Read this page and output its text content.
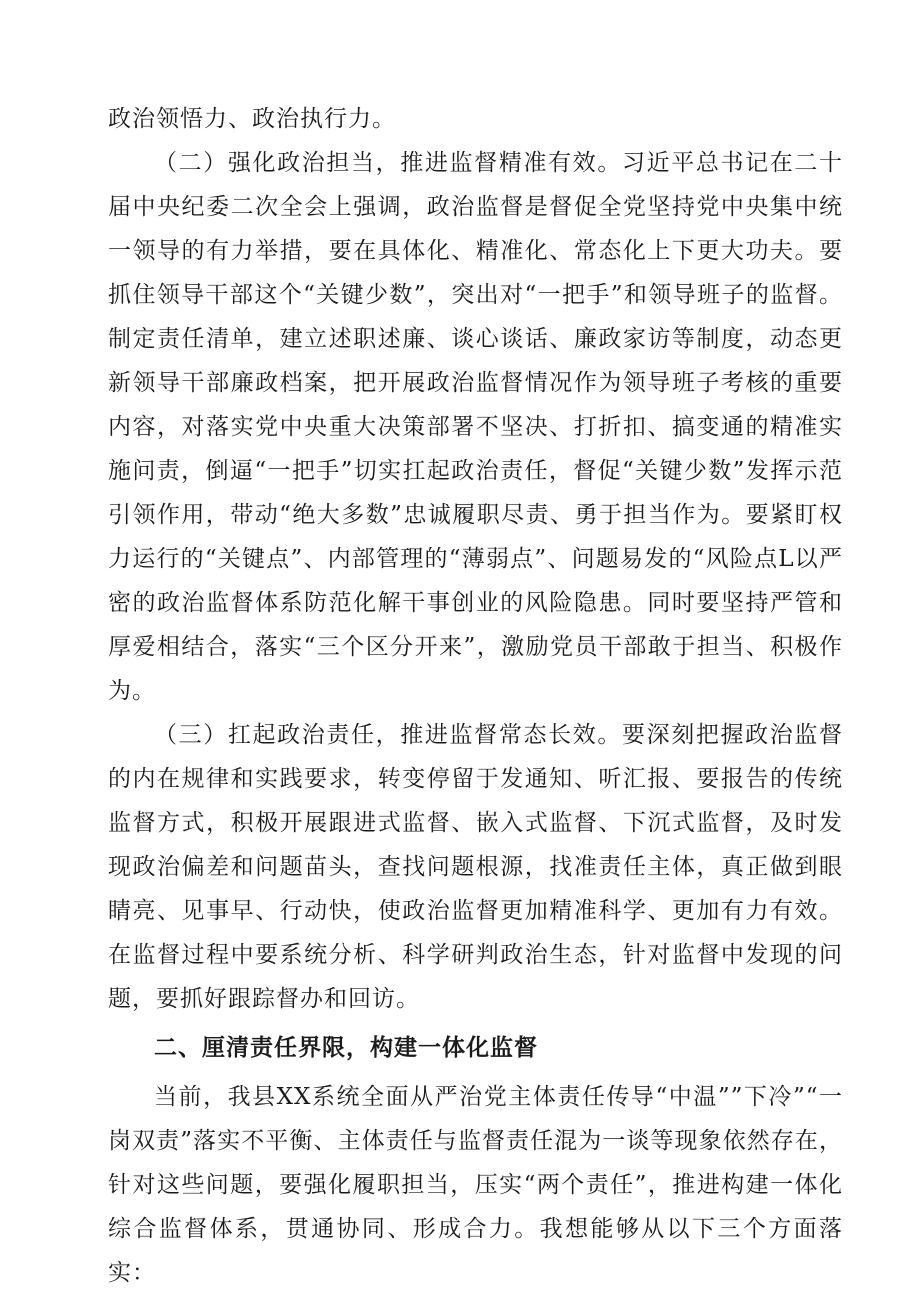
政治领悟力、政治执行力。

（二）强化政治担当，推进监督精准有效。习近平总书记在二十届中央纪委二次全会上强调，政治监督是督促全党坚持党中央集中统一领导的有力举措，要在具体化、精准化、常态化上下更大功夫。要抓住领导干部这个“关键少数”，突出对“一把手”和领导班子的监督。制定责任清单，建立述职述廉、谈心谈话、廉政家访等制度，动态更新领导干部廉政档案，把开展政治监督情况作为领导班子考核的重要内容，对落实党中央重大决策部署不坚决、打折扣、搞变通的精准实施问责，倒逼“一把手”切实扛起政治责任，督促“关键少数”发挥示范引领作用，带动“绝大多数”忠诚履职尽责、勇于担当作为。要紧盯权力运行的“关键点”、内部管理的“薄弱点”、问题易发的“风险点L以严密的政治监督体系防范化解干事创业的风险隐患。同时要坚持严管和厚爱相结合，落实“三个区分开来”，激励党员干部敢于担当、积极作为。

（三）扛起政治责任，推进监督常态长效。要深刻把握政治监督的内在规律和实践要求，转变停留于发通知、听汇报、要报告的传统监督方式，积极开展跟进式监督、嵌入式监督、下沉式监督，及时发现政治偏差和问题苗头，查找问题根源，找准责任主体，真正做到眼睛亮、见事早、行动快，使政治监督更加精准科学、更加有力有效。在监督过程中要系统分析、科学研判政治生态，针对监督中发现的问题，要抓好跟踪督办和回访。

二、厘清责任界限，构建一体化监督

当前，我县XX系统全面从严治党主体责任传导“中温””下冷”“一岗双责”落实不平衡、主体责任与监督责任混为一谈等现象依然存在，针对这些问题，要强化履职担当，压实“两个责任”，推进构建一体化综合监督体系，贯通协同、形成合力。我想能够从以下三个方面落实：
